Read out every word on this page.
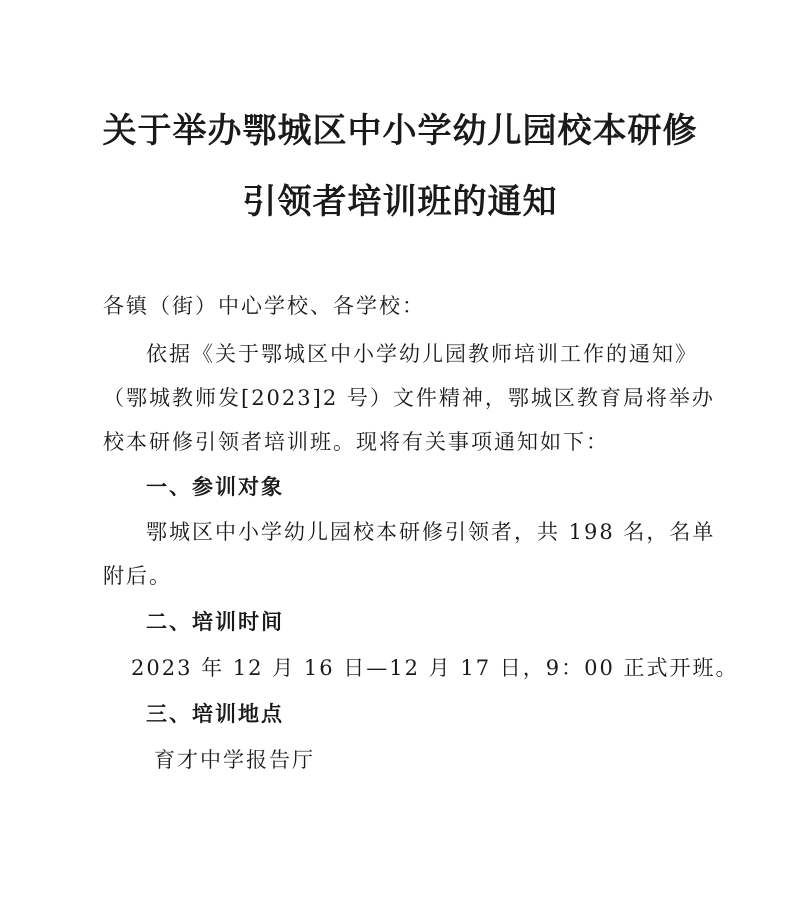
关于举办鄂城区中小学幼儿园校本研修
引领者培训班的通知
各镇（街）中心学校、各学校：
依据《关于鄂城区中小学幼儿园教师培训工作的通知》
（鄂城教师发[2023]2 号）文件精神，鄂城区教育局将举办
校本研修引领者培训班。现将有关事项通知如下：
一、参训对象
鄂城区中小学幼儿园校本研修引领者，共 198 名，名单
附后。
二、培训时间
2023 年 12 月 16 日—12 月 17 日，9：00 正式开班。
三、培训地点
育才中学报告厅
